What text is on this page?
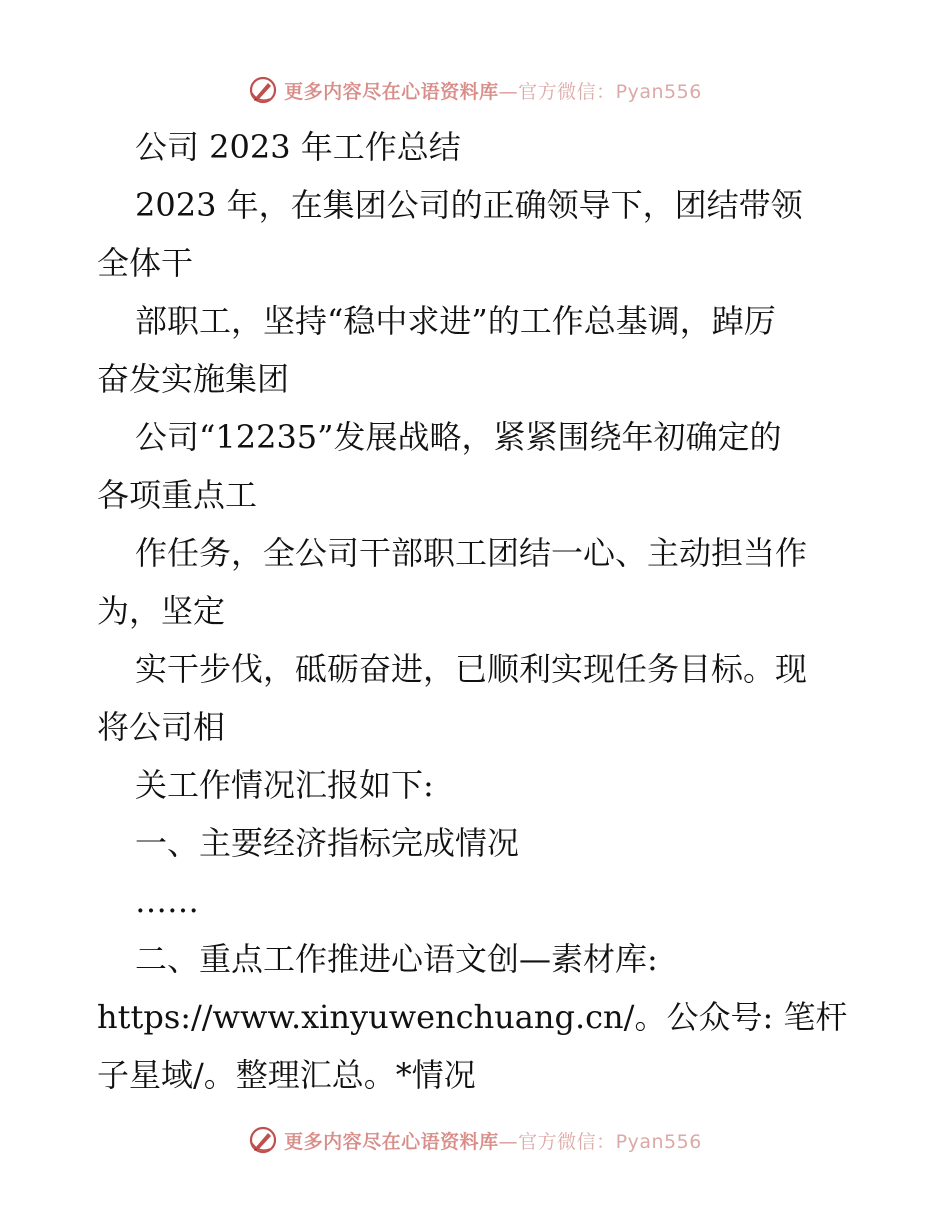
更多内容尽在心语资料库—官方微信：Pyan556

公司 2023 年工作总结

2023 年，在集团公司的正确领导下，团结带领

全体干

部职工，坚持“稳中求进”的工作总基调，踔厉

奋发实施集团

公司“12235”发展战略，紧紧围绕年初确定的

各项重点工

作任务，全公司干部职工团结一心、主动担当作

为，坚定

实干步伐，砥砺奋进，已顺利实现任务目标。现

将公司相

关工作情况汇报如下:

一、主要经济指标完成情况

……

二、重点工作推进心语文创—素材库:

https://www.xinyuwenchuang.cn/。公众号: 笔杆

子星域/。整理汇总。*情况

更多内容尽在心语资料库—官方微信：Pyan556
